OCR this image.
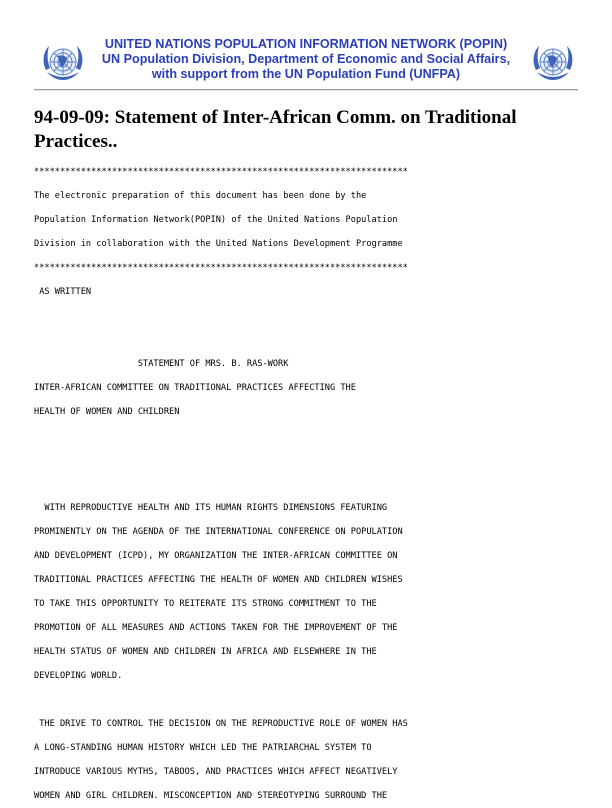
UNITED NATIONS POPULATION INFORMATION NETWORK (POPIN)
UN Population Division, Department of Economic and Social Affairs,
with support from the UN Population Fund (UNFPA)
94-09-09: Statement of Inter-African Comm. on Traditional Practices..
************************************************************************
The electronic preparation of this document has been done by the
Population Information Network(POPIN) of the United Nations Population
Division in collaboration with the United Nations Development Programme
************************************************************************
AS WRITTEN
STATEMENT OF MRS. B. RAS-WORK
INTER-AFRICAN COMMITTEE ON TRADITIONAL PRACTICES AFFECTING THE
HEALTH OF WOMEN AND CHILDREN
WITH REPRODUCTIVE HEALTH AND ITS HUMAN RIGHTS DIMENSIONS FEATURING
PROMINENTLY ON THE AGENDA OF THE INTERNATIONAL CONFERENCE ON POPULATION
AND DEVELOPMENT (ICPD), MY ORGANIZATION THE INTER-AFRICAN COMMITTEE ON
TRADITIONAL PRACTICES AFFECTING THE HEALTH OF WOMEN AND CHILDREN WISHES
TO TAKE THIS OPPORTUNITY TO REITERATE ITS STRONG COMMITMENT TO THE
PROMOTION OF ALL MEASURES AND ACTIONS TAKEN FOR THE IMPROVEMENT OF THE
HEALTH STATUS OF WOMEN AND CHILDREN IN AFRICA AND ELSEWHERE IN THE
DEVELOPING WORLD.
THE DRIVE TO CONTROL THE DECISION ON THE REPRODUCTIVE ROLE OF WOMEN HAS
A LONG-STANDING HUMAN HISTORY WHICH LED THE PATRIARCHAL SYSTEM TO
INTRODUCE VARIOUS MYTHS, TABOOS, AND PRACTICES WHICH AFFECT NEGATIVELY
WOMEN AND GIRL CHILDREN. MISCONCEPTION AND STEREOTYPING SURROUND THE
